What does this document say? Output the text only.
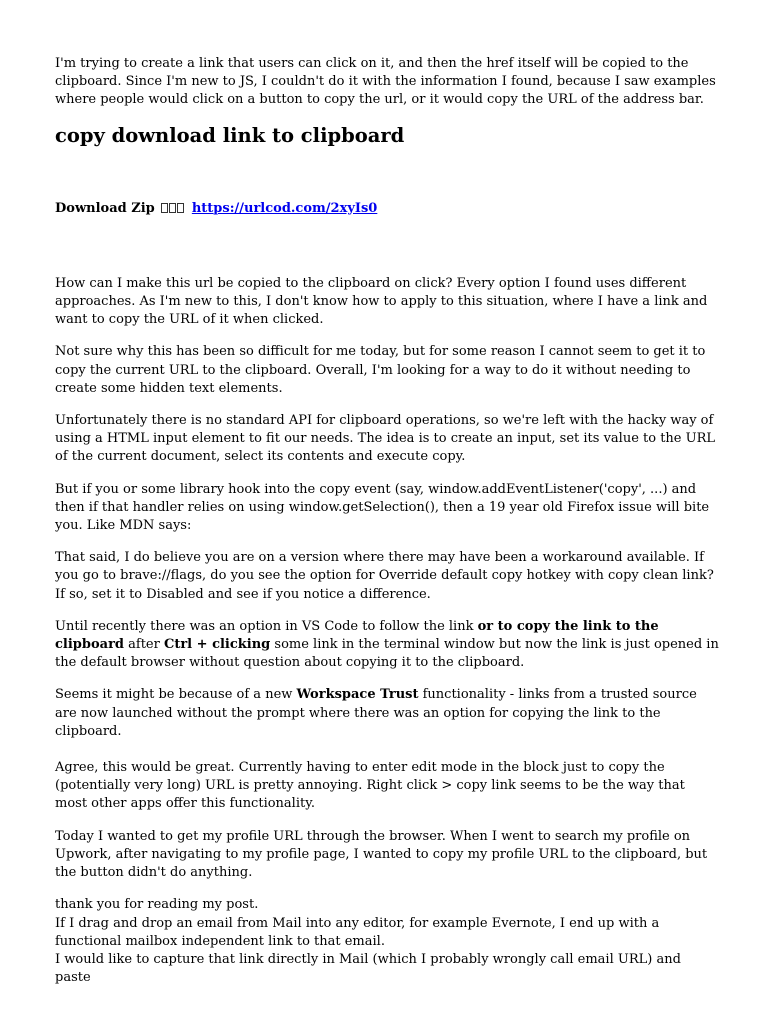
I'm trying to create a link that users can click on it, and then the href itself will be copied to the clipboard. Since I'm new to JS, I couldn't do it with the information I found, because I saw examples where people would click on a button to copy the url, or it would copy the URL of the address bar.

copy download link to clipboard
Download Zip	https://urlcod.com/2xyIs0

How can I make this url be copied to the clipboard on click? Every option I found uses different approaches. As I'm new to this, I don't know how to apply to this situation, where I have a link and want to copy the URL of it when clicked.

Not sure why this has been so difficult for me today, but for some reason I cannot seem to get it to copy the current URL to the clipboard. Overall, I'm looking for a way to do it without needing to create some hidden text elements.

Unfortunately there is no standard API for clipboard operations, so we're left with the hacky way of using a HTML input element to fit our needs. The idea is to create an input, set its value to the URL of the current document, select its contents and execute copy.

But if you or some library hook into the copy event (say, window.addEventListener('copy', ...) and then if that handler relies on using window.getSelection(), then a 19 year old Firefox issue will bite you. Like MDN says:

That said, I do believe you are on a version where there may have been a workaround available. If you go to brave://flags, do you see the option for Override default copy hotkey with copy clean link? If so, set it to Disabled and see if you notice a difference.

Until recently there was an option in VS Code to follow the link or to copy the link to the clipboard after Ctrl + clicking some link in the terminal window but now the link is just opened in the default browser without question about copying it to the clipboard.

Seems it might be because of a new Workspace Trust functionality - links from a trusted source are now launched without the prompt where there was an option for copying the link to the clipboard.

Agree, this would be great. Currently having to enter edit mode in the block just to copy the (potentially very long) URL is pretty annoying. Right click > copy link seems to be the way that most other apps offer this functionality.

Today I wanted to get my profile URL through the browser. When I went to search my profile on Upwork, after navigating to my profile page, I wanted to copy my profile URL to the clipboard, but the button didn't do anything.

thank you for reading my post.

If I drag and drop an email from Mail into any editor, for example Evernote, I end up with a functional mailbox independent link to that email.

I would like to capture that link directly in Mail (which I probably wrongly call email URL) and paste
